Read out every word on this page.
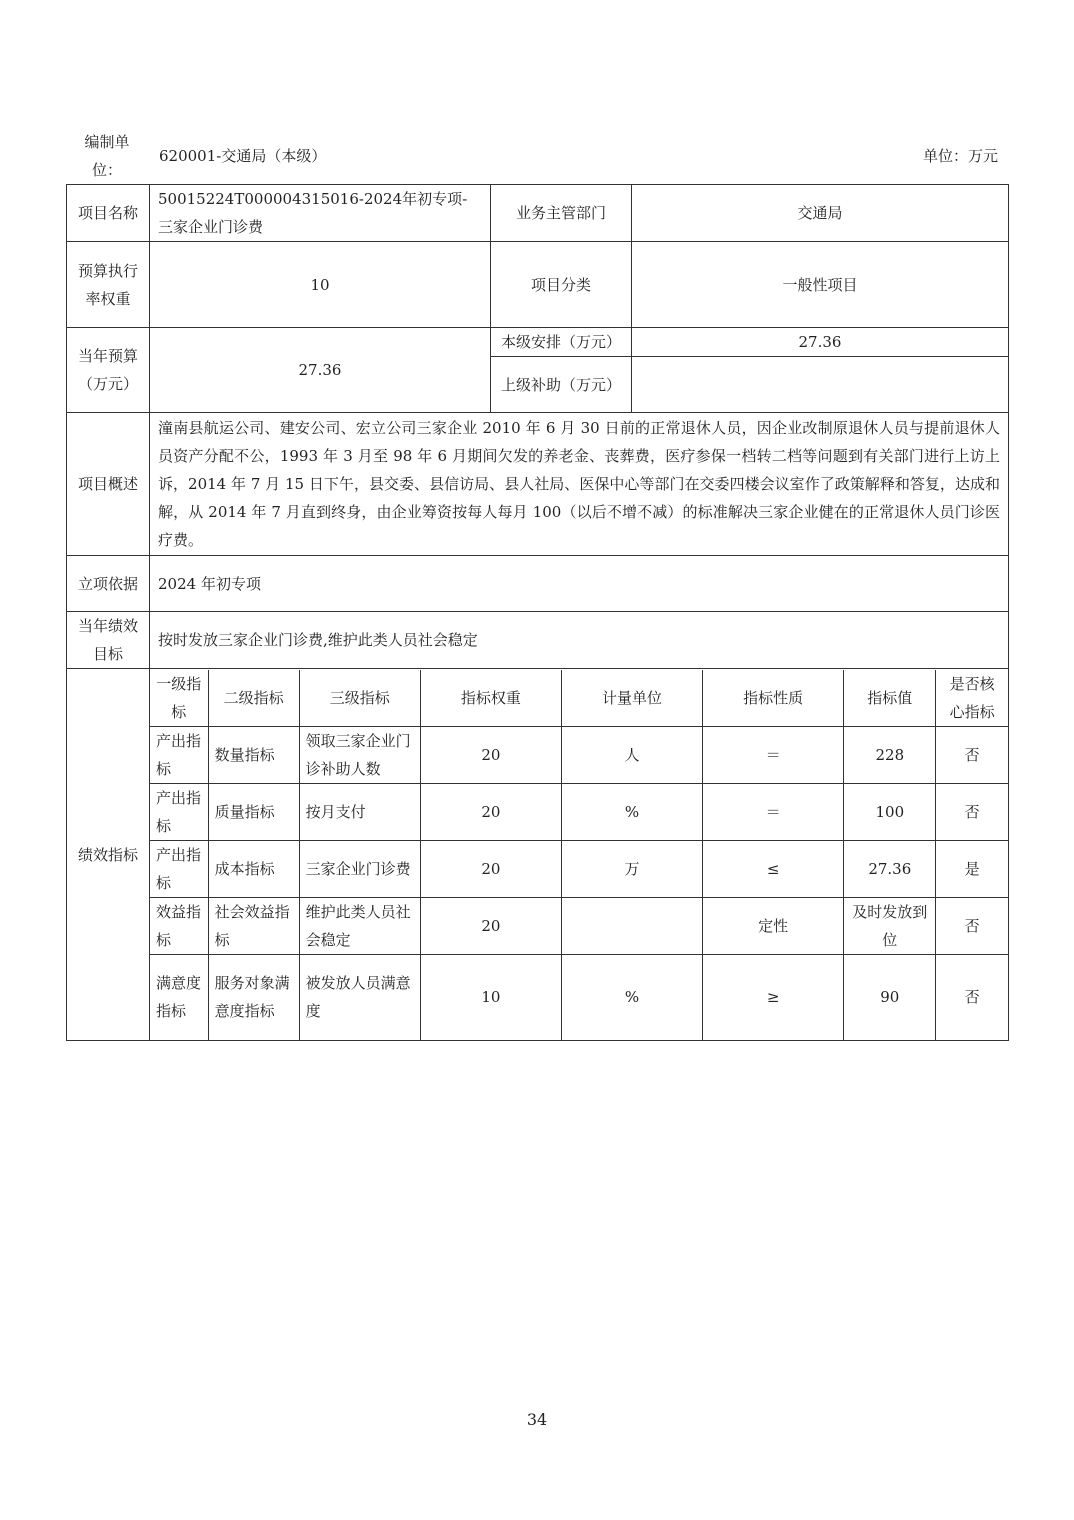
编制单
位：
620001-交通局（本级）	单位：万元
项目名称	50015224T000004315016-2024年初专项-三家企业门诊费	业务主管部门	交通局
预算执行率权重	10	项目分类	一般性项目
当年预算（万元）	27.36	本级安排（万元）	27.36
上级补助（万元）	
项目概述	潼南县航运公司、建安公司、宏立公司三家企业 2010 年 6 月 30 日前的正常退休人员，因企业改制原退休人员与提前退休人员资产分配不公，1993 年 3 月至 98 年 6 月期间欠发的养老金、丧葬费，医疗参保一档转二档等问题到有关部门进行上访上诉，2014 年 7 月 15 日下午，县交委、县信访局、县人社局、医保中心等部门在交委四楼会议室作了政策解释和答复，达成和解，从 2014 年 7 月直到终身，由企业筹资按每人每月 100（以后不增不减）的标准解决三家企业健在的正常退休人员门诊医疗费。
立项依据	2024 年初专项
当年绩效目标	按时发放三家企业门诊费,维护此类人员社会稳定
绩效指标	
一级指标	二级指标	三级指标	指标权重	计量单位	指标性质	指标值	是否核心指标
产出指标	数量指标	领取三家企业门诊补助人数	20	人	＝	228	否
产出指标	质量指标	按月支付	20	%	＝	100	否
产出指标	成本指标	三家企业门诊费	20	万	≤	27.36	是
效益指标	社会效益指标	维护此类人员社会稳定	20		定性	及时发放到位	否
满意度指标	服务对象满意度指标	被发放人员满意度	10	%	≥	90	否
34
